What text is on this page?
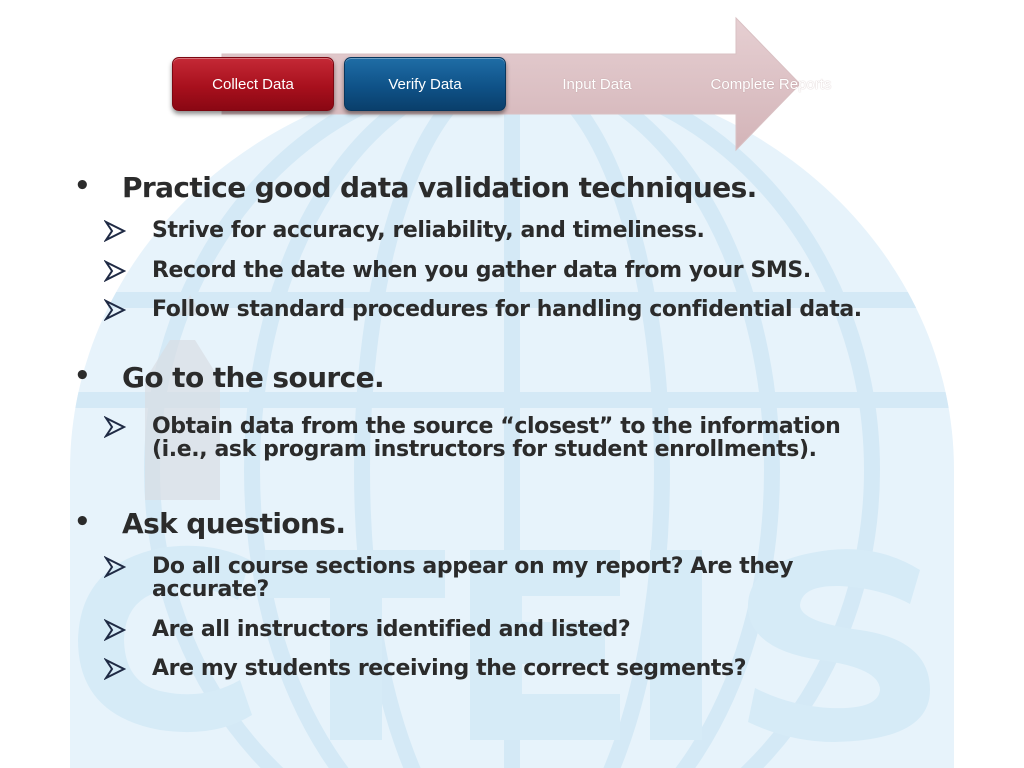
Collect Data	Verify Data	Input Data	Complete Reports
• Practice good data validation techniques.
Strive for accuracy, reliability, and timeliness.
Record the date when you gather data from your SMS.
Follow standard procedures for handling confidential data.
• Go to the source.
Obtain data from the source “closest” to the information
(i.e., ask program instructors for student enrollments).
• Ask questions.
Do all course sections appear on my report? Are they
accurate?
Are all instructors identified and listed?
Are my students receiving the correct segments?
